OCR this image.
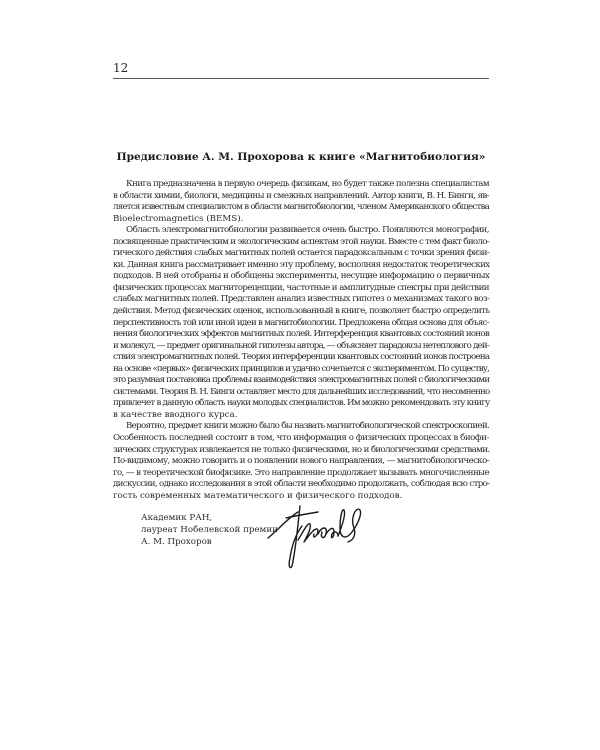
12
Предисловие А. М. Прохорова к книге «Магнитобиология»
Книга предназначена в первую очередь физикам, но будет также полезна специалистам
в области химии, биологи, медицины и смежных направлений. Автор книги, В. Н. Бинги, яв-
ляется известным специалистом в области магнитобиологии, членом Американского общества
Bioelectromagnetics (BEMS).
Область электромагнитобиологии развивается очень быстро. Появляются монографии,
посвященные практическим и экологическим аспектам этой науки. Вместе с тем факт биоло-
гического действия слабых магнитных полей остается парадоксальным с точки зрения физи-
ки. Данная книга рассматривает именно эту проблему, восполняя недостаток теоретических
подходов. В ней отобраны и обобщены эксперименты, несущие информацию о первичных
физических процессах магниторецепции, частотные и амплитудные спектры при действии
слабых магнитных полей. Представлен анализ известных гипотез о механизмах такого воз-
действия. Метод физических оценок, использованный в книге, позволяет быстро определить
перспективность той или иной идеи в магнитобиологии. Предложена общая основа для объяс-
нения биологических эффектов магнитных полей. Интерференция квантовых состояний ионов
и молекул, — предмет оригинальной гипотезы автора, — объясняет парадоксы нетеплового дей-
ствия электромагнитных полей. Теория интерференции квантовых состояний ионов построена
на основе «первых» физических принципов и удачно сочетается с экспериментом. По существу,
это разумная постановка проблемы взаимодействия электромагнитных полей с биологическими
системами. Теория В. Н. Бинги оставляет место для дальнейших исследований, что несомненно
привлечет в данную область науки молодых специалистов. Им можно рекомендовать эту книгу
в качестве вводного курса.
Вероятно, предмет книги можно было бы назвать магнитобиологической спектроскопией.
Особенность последней состоит в том, что информация о физических процессах в биофи-
зических структурах извлекается не только физическими, но и биологическими средствами.
По-видимому, можно говорить и о появлении нового направления, — магнитобиологическо-
го, — в теоретической биофизике. Это направление продолжает вызывать многочисленные
дискуссии, однако исследования в этой области необходимо продолжать, соблюдая всю стро-
гость современных математического и физического подходов.
Академик РАН,
лауреат Нобелевской премии
А. М. Прохоров
